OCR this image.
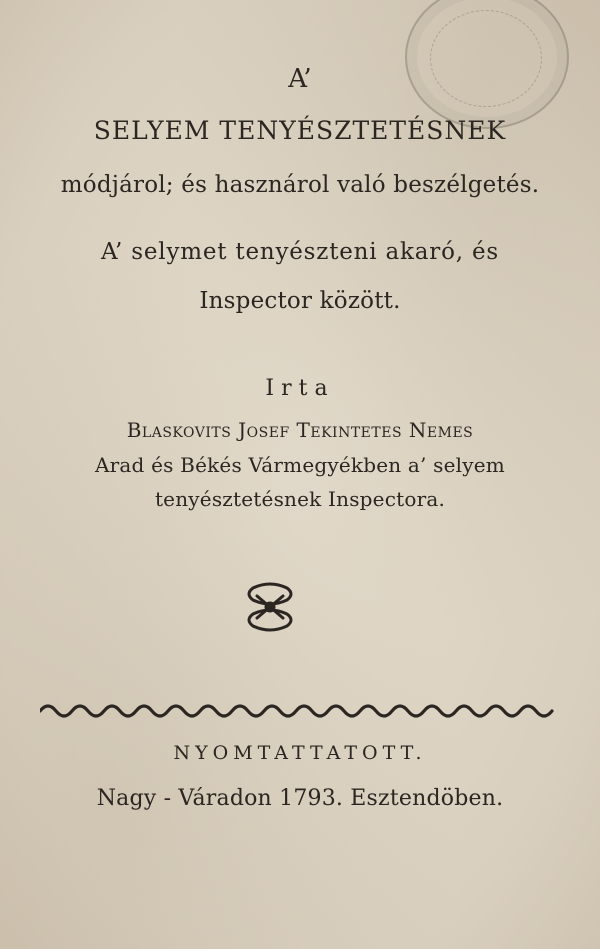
A’
SELYEM TENYÉSZTETÉSNEK
módjárol; és hasznárol való beszélgetés.
A’ selymet tenyészteni akaró, és
Inspector között.
Irta
Blaskovits Josef Tekintetes Nemes
Arad és Békés Vármegyékben a’ selyem
tenyésztetésnek Inspectora.
NYOMTATTATOTT.
Nagy - Váradon 1793. Esztendöben.
